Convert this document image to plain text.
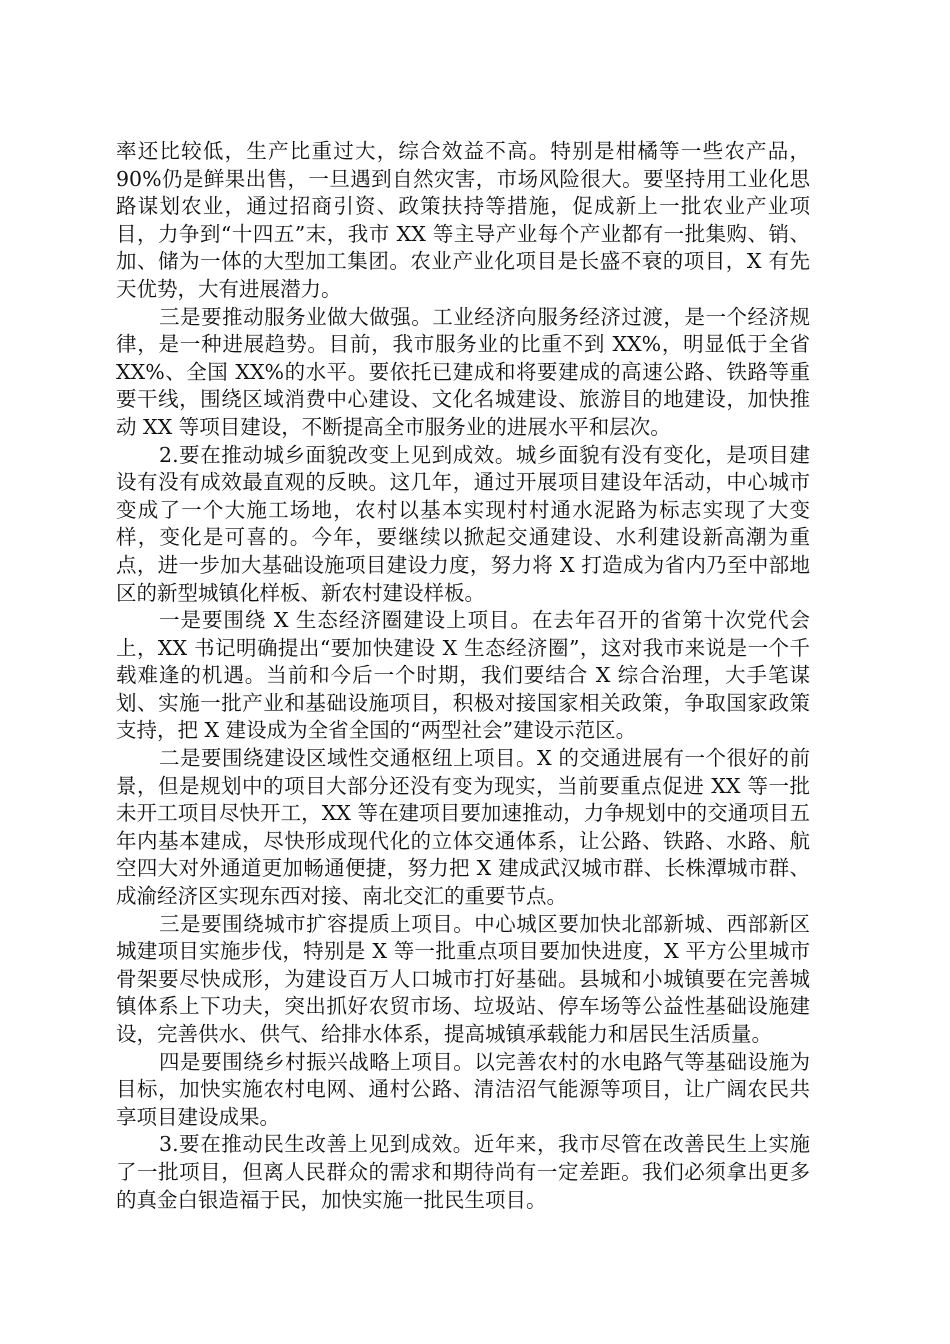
率还比较低，生产比重过大，综合效益不高。特别是柑橘等一些农产品，90%仍是鲜果出售，一旦遇到自然灾害，市场风险很大。要坚持用工业化思路谋划农业，通过招商引资、政策扶持等措施，促成新上一批农业产业项目，力争到“十四五”末，我市 XX 等主导产业每个产业都有一批集购、销、加、储为一体的大型加工集团。农业产业化项目是长盛不衰的项目，X 有先天优势，大有进展潜力。

三是要推动服务业做大做强。工业经济向服务经济过渡，是一个经济规律，是一种进展趋势。目前，我市服务业的比重不到 XX%，明显低于全省 XX%、全国 XX%的水平。要依托已建成和将要建成的高速公路、铁路等重要干线，围绕区域消费中心建设、文化名城建设、旅游目的地建设，加快推动 XX 等项目建设，不断提高全市服务业的进展水平和层次。

2.要在推动城乡面貌改变上见到成效。城乡面貌有没有变化，是项目建设有没有成效最直观的反映。这几年，通过开展项目建设年活动，中心城市变成了一个大施工场地，农村以基本实现村村通水泥路为标志实现了大变样，变化是可喜的。今年，要继续以掀起交通建设、水利建设新高潮为重点，进一步加大基础设施项目建设力度，努力将 X 打造成为省内乃至中部地区的新型城镇化样板、新农村建设样板。

一是要围绕 X 生态经济圈建设上项目。在去年召开的省第十次党代会上，XX 书记明确提出“要加快建设 X 生态经济圈”，这对我市来说是一个千载难逢的机遇。当前和今后一个时期，我们要结合 X 综合治理，大手笔谋划、实施一批产业和基础设施项目，积极对接国家相关政策，争取国家政策支持，把 X 建设成为全省全国的“两型社会”建设示范区。

二是要围绕建设区域性交通枢纽上项目。X 的交通进展有一个很好的前景，但是规划中的项目大部分还没有变为现实，当前要重点促进 XX 等一批未开工项目尽快开工，XX 等在建项目要加速推动，力争规划中的交通项目五年内基本建成，尽快形成现代化的立体交通体系，让公路、铁路、水路、航空四大对外通道更加畅通便捷，努力把 X 建成武汉城市群、长株潭城市群、成渝经济区实现东西对接、南北交汇的重要节点。

三是要围绕城市扩容提质上项目。中心城区要加快北部新城、西部新区城建项目实施步伐，特别是 X 等一批重点项目要加快进度，X 平方公里城市骨架要尽快成形，为建设百万人口城市打好基础。县城和小城镇要在完善城镇体系上下功夫，突出抓好农贸市场、垃圾站、停车场等公益性基础设施建设，完善供水、供气、给排水体系，提高城镇承载能力和居民生活质量。

四是要围绕乡村振兴战略上项目。以完善农村的水电路气等基础设施为目标，加快实施农村电网、通村公路、清洁沼气能源等项目，让广阔农民共享项目建设成果。

3.要在推动民生改善上见到成效。近年来，我市尽管在改善民生上实施了一批项目，但离人民群众的需求和期待尚有一定差距。我们必须拿出更多的真金白银造福于民，加快实施一批民生项目。
